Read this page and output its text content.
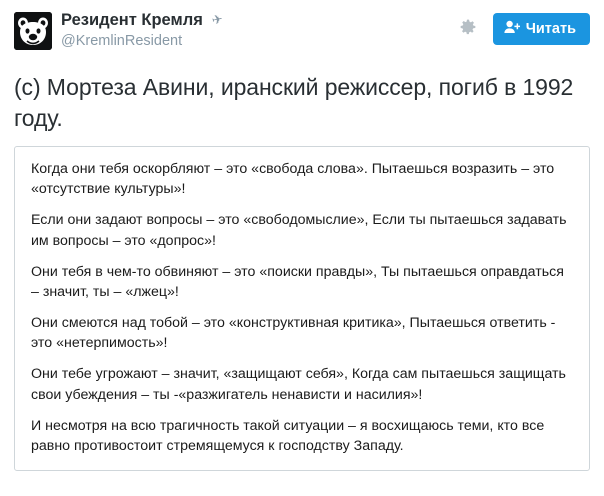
Резидент Кремля ✈
@KremlinResident
Читать
(c) Мортеза Авини, иранский режиссер, погиб в 1992 году.

Когда они тебя оскорбляют – это «свобода слова». Пытаешься возразить – это «отсутствие культуры»!

Если они задают вопросы – это «свободомыслие», Если ты пытаешься задавать им вопросы – это «допрос»!

Они тебя в чем-то обвиняют – это «поиски правды», Ты пытаешься оправдаться – значит, ты – «лжец»!

Они смеются над тобой – это «конструктивная критика», Пытаешься ответить - это «нетерпимость»!

Они тебе угрожают – значит, «защищают себя», Когда сам пытаешься защищать свои убеждения – ты -«разжигатель ненависти и насилия»!

И несмотря на всю трагичность такой ситуации – я восхищаюсь теми, кто все равно противостоит стремящемуся к господству Западу.
